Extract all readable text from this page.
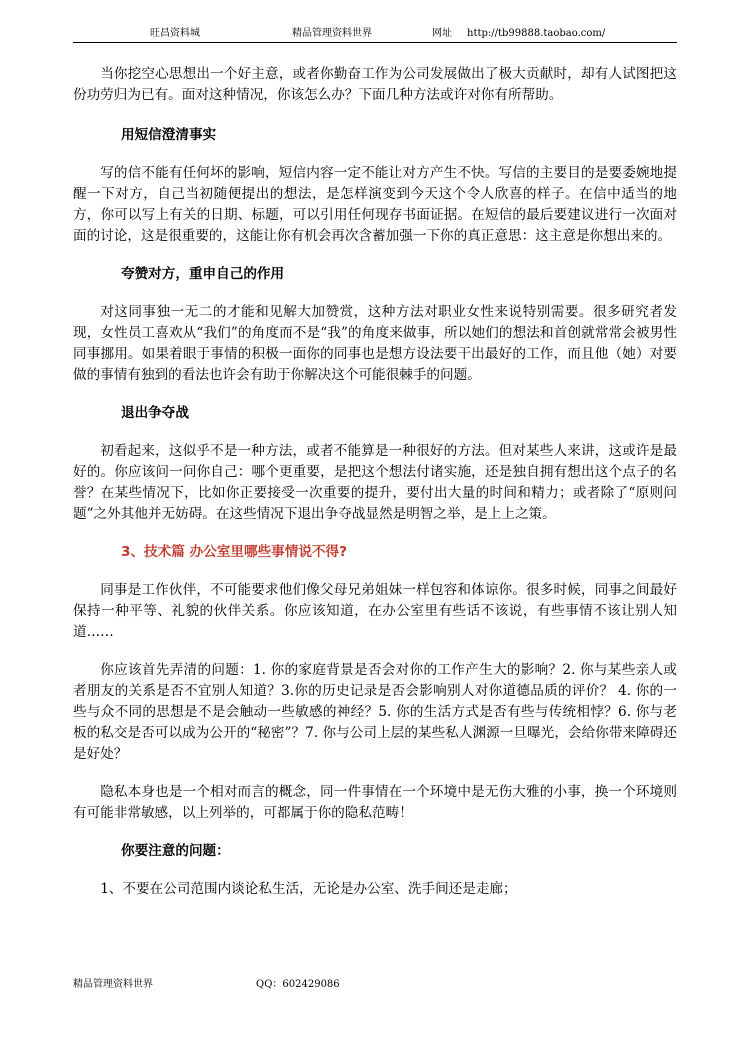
旺昌资料城	精品管理资料世界	网址 http://tb99888.taobao.com/

当你挖空心思想出一个好主意，或者你勤奋工作为公司发展做出了极大贡献时，却有人试图把这份功劳归为已有。面对这种情况，你该怎么办？下面几种方法或许对你有所帮助。

用短信澄清事实

写的信不能有任何坏的影响，短信内容一定不能让对方产生不快。写信的主要目的是要委婉地提醒一下对方，自己当初随便提出的想法，是怎样演变到今天这个令人欣喜的样子。在信中适当的地方，你可以写上有关的日期、标题，可以引用任何现存书面证据。在短信的最后要建议进行一次面对面的讨论，这是很重要的，这能让你有机会再次含蓄加强一下你的真正意思：这主意是你想出来的。

夸赞对方，重申自己的作用

对这同事独一无二的才能和见解大加赞赏，这种方法对职业女性来说特别需要。很多研究者发现，女性员工喜欢从“我们”的角度而不是“我”的角度来做事，所以她们的想法和首创就常常会被男性同事挪用。如果着眼于事情的积极一面你的同事也是想方设法要干出最好的工作，而且他（她）对要做的事情有独到的看法也许会有助于你解决这个可能很棘手的问题。

退出争夺战

初看起来，这似乎不是一种方法，或者不能算是一种很好的方法。但对某些人来讲，这或许是最好的。你应该问一问你自己：哪个更重要，是把这个想法付诸实施，还是独自拥有想出这个点子的名誉？在某些情况下，比如你正要接受一次重要的提升，要付出大量的时间和精力；或者除了“原则问题”之外其他并无妨碍。在这些情况下退出争夺战显然是明智之举，是上上之策。

3、技术篇 办公室里哪些事情说不得?

同事是工作伙伴，不可能要求他们像父母兄弟姐妹一样包容和体谅你。很多时候，同事之间最好保持一种平等、礼貌的伙伴关系。你应该知道，在办公室里有些话不该说，有些事情不该让别人知道……

你应该首先弄清的问题：1. 你的家庭背景是否会对你的工作产生大的影响？2. 你与某些亲人或者朋友的关系是否不宜别人知道？3.你的历史记录是否会影响别人对你道德品质的评价？ 4. 你的一些与众不同的思想是不是会触动一些敏感的神经？5. 你的生活方式是否有些与传统相悖？6. 你与老板的私交是否可以成为公开的“秘密”？7. 你与公司上层的某些私人渊源一旦曝光，会给你带来障碍还是好处？

隐私本身也是一个相对而言的概念，同一件事情在一个环境中是无伤大雅的小事，换一个环境则有可能非常敏感，以上列举的，可都属于你的隐私范畴！

你要注意的问题：

1、不要在公司范围内谈论私生活，无论是办公室、洗手间还是走廊；

精品管理资料世界	QQ：602429086
